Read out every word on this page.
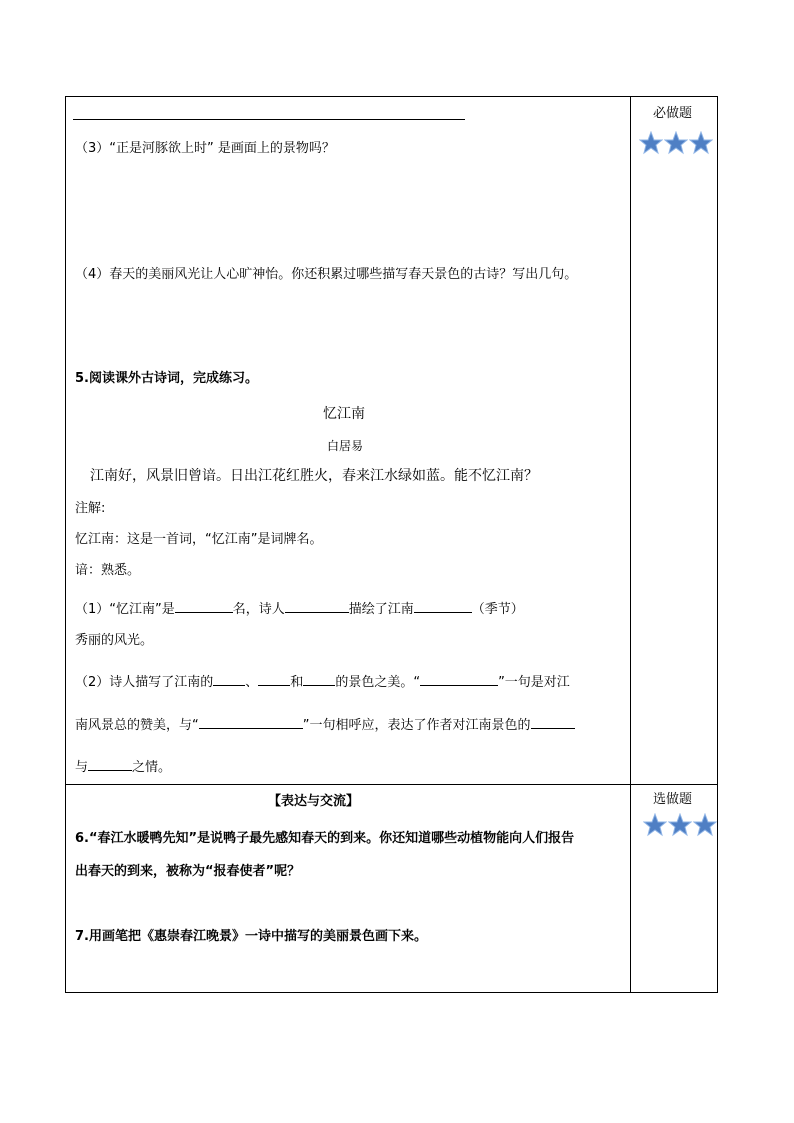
（3）“正是河豚欲上时” 是画面上的景物吗？
（4）春天的美丽风光让人心旷神怡。你还积累过哪些描写春天景色的古诗？写出几句。
5.阅读课外古诗词，完成练习。
忆江南
白居易
江南好，风景旧曾谙。日出江花红胜火，春来江水绿如蓝。能不忆江南？
注解:
忆江南：这是一首词，“忆江南”是词牌名。
谙：熟悉。
（1）“忆江南”是	名，诗人	描绘了江南	（季节）
秀丽的风光。
（2）诗人描写了江南的 、 和 的景色之美。“	”一句是对江
南风景总的赞美，与“	”一句相呼应，表达了作者对江南景色的
与	之情。
【表达与交流】
6.“春江水暖鸭先知”是说鸭子最先感知春天的到来。你还知道哪些动植物能向人们报告
出春天的到来，被称为“报春使者”呢？
7.用画笔把《惠崇春江晚景》一诗中描写的美丽景色画下来。
必做题
选做题
